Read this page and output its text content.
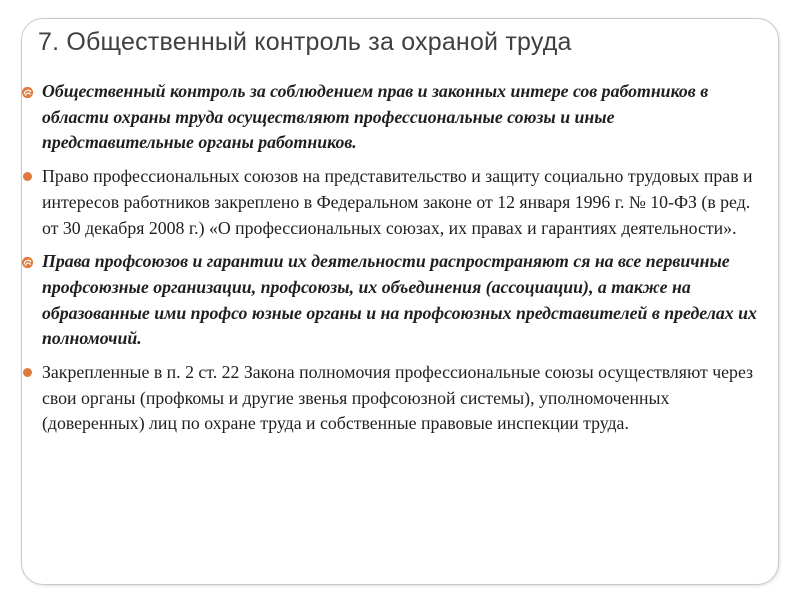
7. Общественный контроль за охраной труда
Общественный контроль за соблюдением прав и законных интере сов работников в области охраны труда осуществляют профессиональные союзы и иные представительные органы работников.
Право профессиональных союзов на представительство и защиту социально трудовых прав и интересов работников закреплено в Федеральном законе от 12 января 1996 г. № 10-ФЗ (в ред. от 30 декабря 2008 г.) «О профессиональных союзах, их правах и гарантиях деятельности».
Права профсоюзов и гарантии их деятельности распространяют ся на все первичные профсоюзные организации, профсоюзы, их объединения (ассоциации), а также на образованные ими профсо юзные органы и на профсоюзных представителей в пределах их полномочий.
Закрепленные в п. 2 ст. 22 Закона полномочия профессиональные союзы осуществляют через свои органы (профкомы и другие звенья профсоюзной системы), уполномоченных (доверенных) лиц по охране труда и собственные правовые инспекции труда.
